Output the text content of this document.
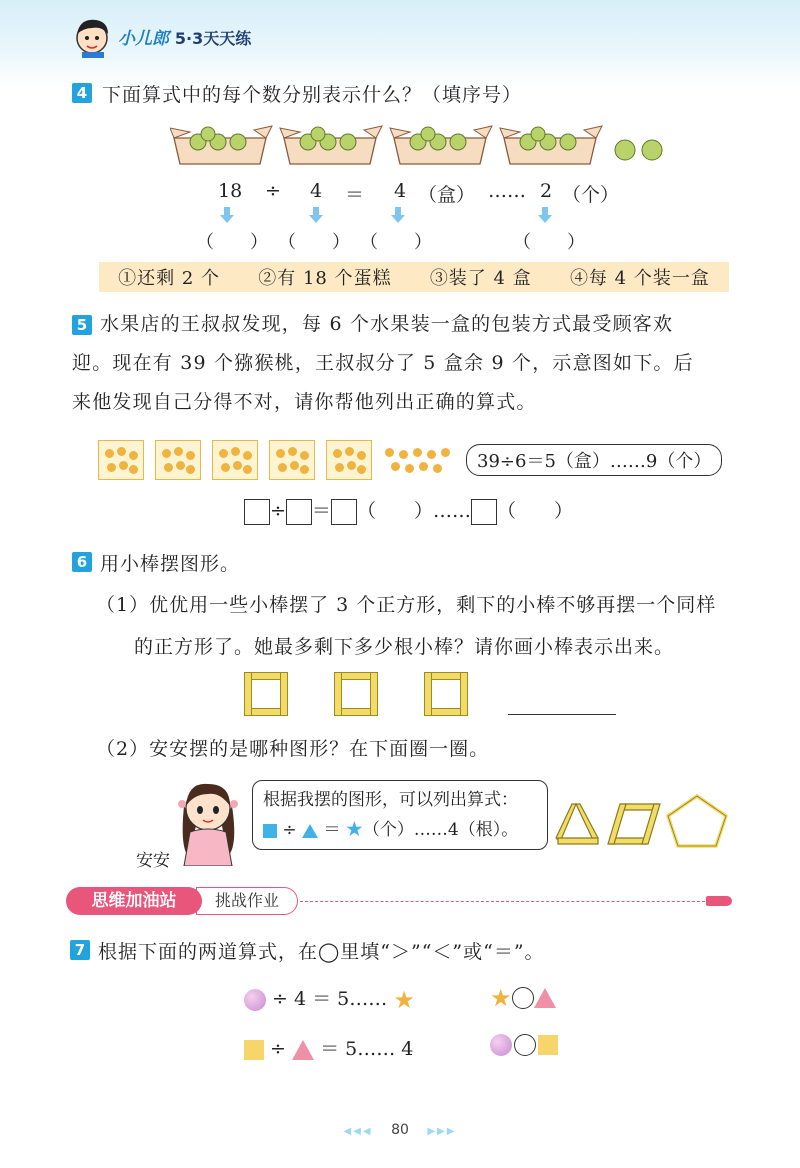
小儿郎 5·3天天练
4 下面算式中的每个数分别表示什么？（填序号）
18 ÷ 4 ＝ 4 （盒） …… 2 （个）
（　　） （　　） （　　）	（　　）
①还剩 2 个 ②有 18 个蛋糕 ③装了 4 盒 ④每 4 个装一盒
5 水果店的王叔叔发现，每 6 个水果装一盒的包装方式最受顾客欢
迎。现在有 39 个猕猴桃，王叔叔分了 5 盒余 9 个，示意图如下。后
来他发现自己分得不对，请你帮他列出正确的算式。
39÷6＝5（盒）……9（个）
÷ ＝ （　　）…… （　　）
6 用小棒摆图形。
（1）优优用一些小棒摆了 3 个正方形，剩下的小棒不够再摆一个同样
的正方形了。她最多剩下多少根小棒？请你画小棒表示出来。
（2）安安摆的是哪种图形？在下面圈一圈。
安安
根据我摆的图形，可以列出算式：
÷ ＝ ★（个）……4（根）。
挑战作业
思维加油站
7 根据下面的两道算式，在◯里填“＞”“＜”或“＝”。
÷ 4 ＝ 5…… ★	★
÷ ＝ 5…… 4
◀◀◀ 80 ▶▶▶
